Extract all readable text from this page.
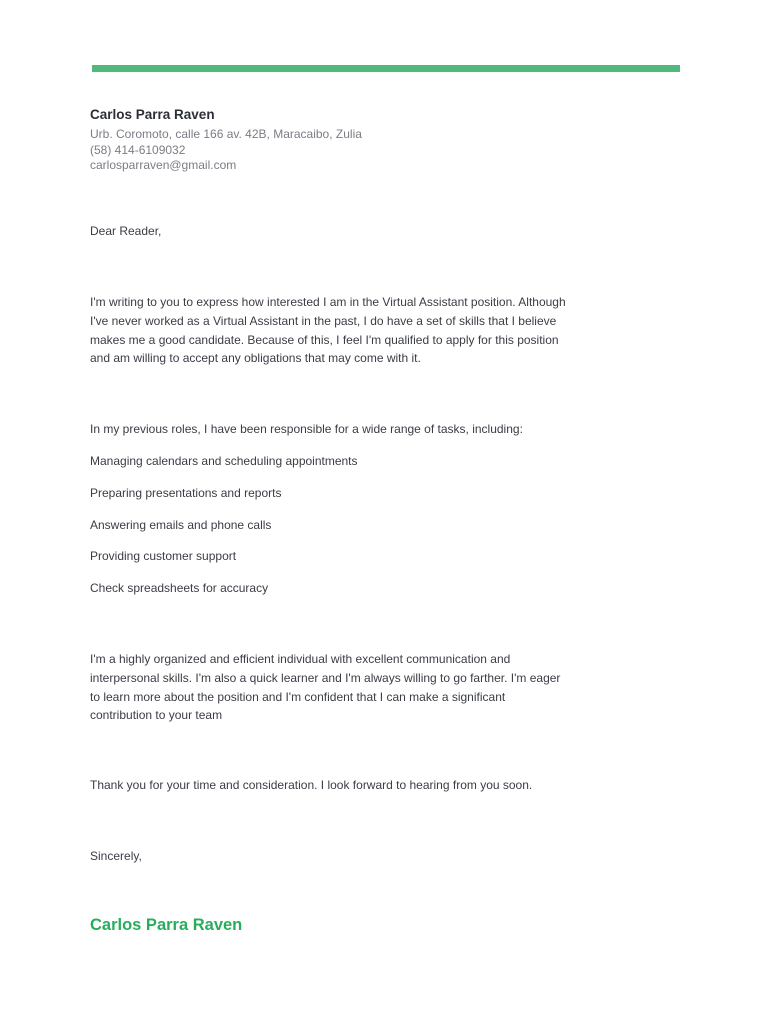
Carlos Parra Raven
Urb. Coromoto, calle 166 av. 42B, Maracaibo, Zulia
(58) 414-6109032
carlosparraven@gmail.com
Dear Reader,
I'm writing to you to express how interested I am in the Virtual Assistant position. Although I've never worked as a Virtual Assistant in the past, I do have a set of skills that I believe makes me a good candidate. Because of this, I feel I'm qualified to apply for this position and am willing to accept any obligations that may come with it.
In my previous roles, I have been responsible for a wide range of tasks, including:
Managing calendars and scheduling appointments
Preparing presentations and reports
Answering emails and phone calls
Providing customer support
Check spreadsheets for accuracy
I'm a highly organized and efficient individual with excellent communication and interpersonal skills. I'm also a quick learner and I'm always willing to go farther. I'm eager to learn more about the position and I'm confident that I can make a significant contribution to your team
Thank you for your time and consideration. I look forward to hearing from you soon.
Sincerely,
Carlos Parra Raven
